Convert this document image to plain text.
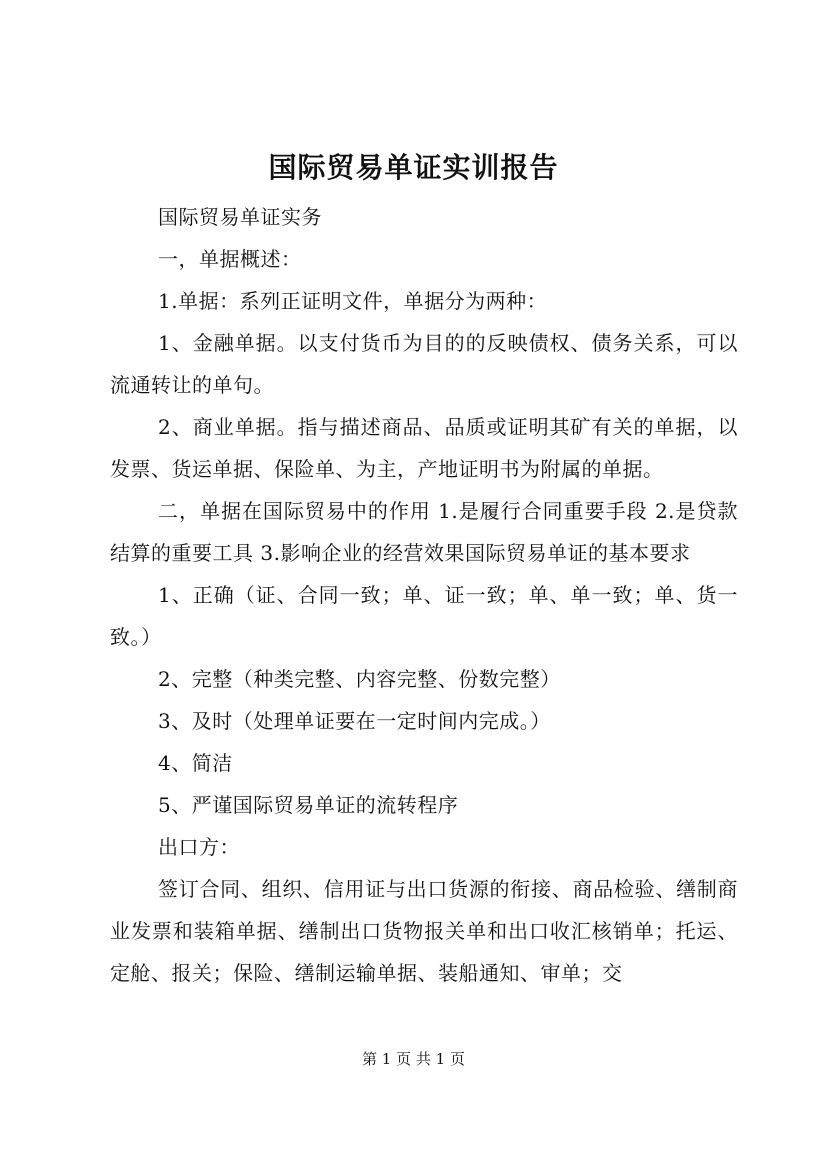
国际贸易单证实训报告

国际贸易单证实务

一，单据概述：

1.单据：系列正证明文件，单据分为两种：

1、金融单据。以支付货币为目的的反映债权、债务关系，可以流通转让的单句。

2、商业单据。指与描述商品、品质或证明其矿有关的单据，以发票、货运单据、保险单、为主，产地证明书为附属的单据。

二，单据在国际贸易中的作用 1.是履行合同重要手段 2.是贷款结算的重要工具 3.影响企业的经营效果国际贸易单证的基本要求

1、正确（证、合同一致；单、证一致；单、单一致；单、货一致。）

2、完整（种类完整、内容完整、份数完整）

3、及时（处理单证要在一定时间内完成。）

4、简洁

5、严谨国际贸易单证的流转程序

出口方：

签订合同、组织、信用证与出口货源的衔接、商品检验、缮制商业发票和装箱单据、缮制出口货物报关单和出口收汇核销单；托运、定舱、报关；保险、缮制运输单据、装船通知、审单；交

第 1 页 共 1 页
